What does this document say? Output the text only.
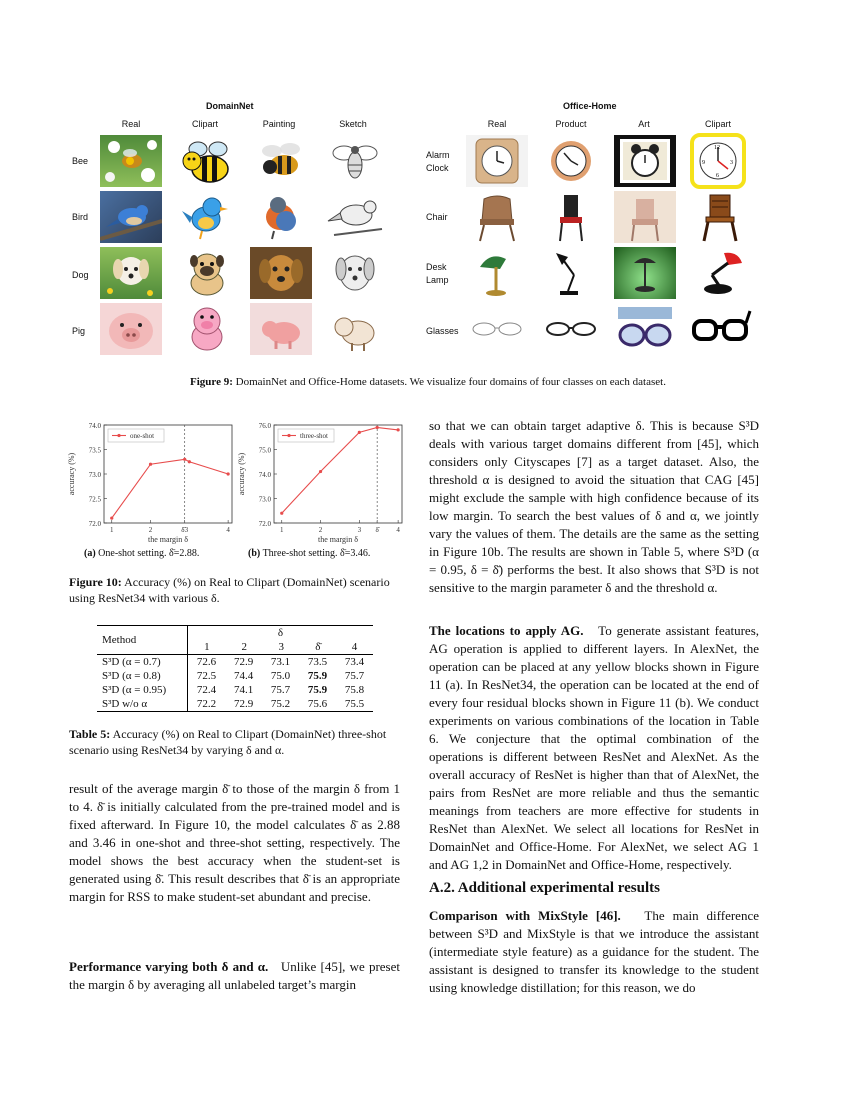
DomainNet	Office-Home
Real	Clipart	Painting	Sketch	Real	Product	Art	Clipart
Bee
Bird
Dog
Pig
Alarm Clock
Chair
Desk Lamp
Glasses
12
3
6
9
Figure 9: DomainNet and Office-Home datasets. We visualize four domains of four classes on each dataset.
72.0
72.5
73.0
73.5
74.0
1	2	δ̄3	4
one-shot
the margin δ
accuracy (%)
72.0
73.0
74.0
75.0
76.0
1	2	3 δ̄	4
three-shot
the margin δ
accuracy (%)
(a) One-shot setting. δ̄=2.88.	(b) Three-shot setting. δ̄=3.46.
Figure 10: Accuracy (%) on Real to Clipart (DomainNet) scenario using ResNet34 with various δ.
Method	δ				
	1	2	3	δ̄	4
S³D (α = 0.7)	72.6	72.9	73.1	73.5	73.4
S³D (α = 0.8)	72.5	74.4	75.0	75.9	75.7
S³D (α = 0.95)	72.4	74.1	75.7	75.9	75.8
S³D w/o α	72.2	72.9	75.2	75.6	75.5
Table 5: Accuracy (%) on Real to Clipart (DomainNet) three-shot scenario using ResNet34 by varying δ and α.

result of the average margin δ̄ to those of the margin δ from 1 to 4. δ̄ is initially calculated from the pre-trained model and is fixed afterward. In Figure 10, the model calculates δ̄ as 2.88 and 3.46 in one-shot and three-shot setting, respectively. The model shows the best accuracy when the student-set is generated using δ̄. This result describes that δ̄ is an appropriate margin for RSS to make student-set abundant and precise.

Performance varying both δ and α. Unlike [45], we preset the margin δ by averaging all unlabeled target’s margin

so that we can obtain target adaptive δ. This is because S³D deals with various target domains different from [45], which considers only Cityscapes [7] as a target dataset. Also, the threshold α is designed to avoid the situation that CAG [45] might exclude the sample with high confidence because of its low margin. To search the best values of δ and α, we jointly vary the values of them. The details are the same as the setting in Figure 10b. The results are shown in Table 5, where S³D (α = 0.95, δ = δ̄) performs the best. It also shows that S³D is not sensitive to the margin parameter δ and the threshold α.

The locations to apply AG. To generate assistant features, AG operation is applied to different layers. In AlexNet, the operation can be placed at any yellow blocks shown in Figure 11 (a). In ResNet34, the operation can be located at the end of every four residual blocks shown in Figure 11 (b). We conduct experiments on various combinations of the location in Table 6. We conjecture that the optimal combination of the operations is different between ResNet and AlexNet. As the overall accuracy of ResNet is higher than that of AlexNet, the pairs from ResNet are more reliable and thus the semantic meanings from teachers are more effective for students in ResNet than AlexNet. We select all locations for ResNet in DomainNet and Office-Home. For AlexNet, we select AG 1 and AG 1,2 in DomainNet and Office-Home, respectively.

A.2. Additional experimental results

Comparison with MixStyle [46]. The main difference between S³D and MixStyle is that we introduce the assistant (intermediate style feature) as a guidance for the student. The assistant is designed to transfer its knowledge to the student using knowledge distillation; for this reason, we do
